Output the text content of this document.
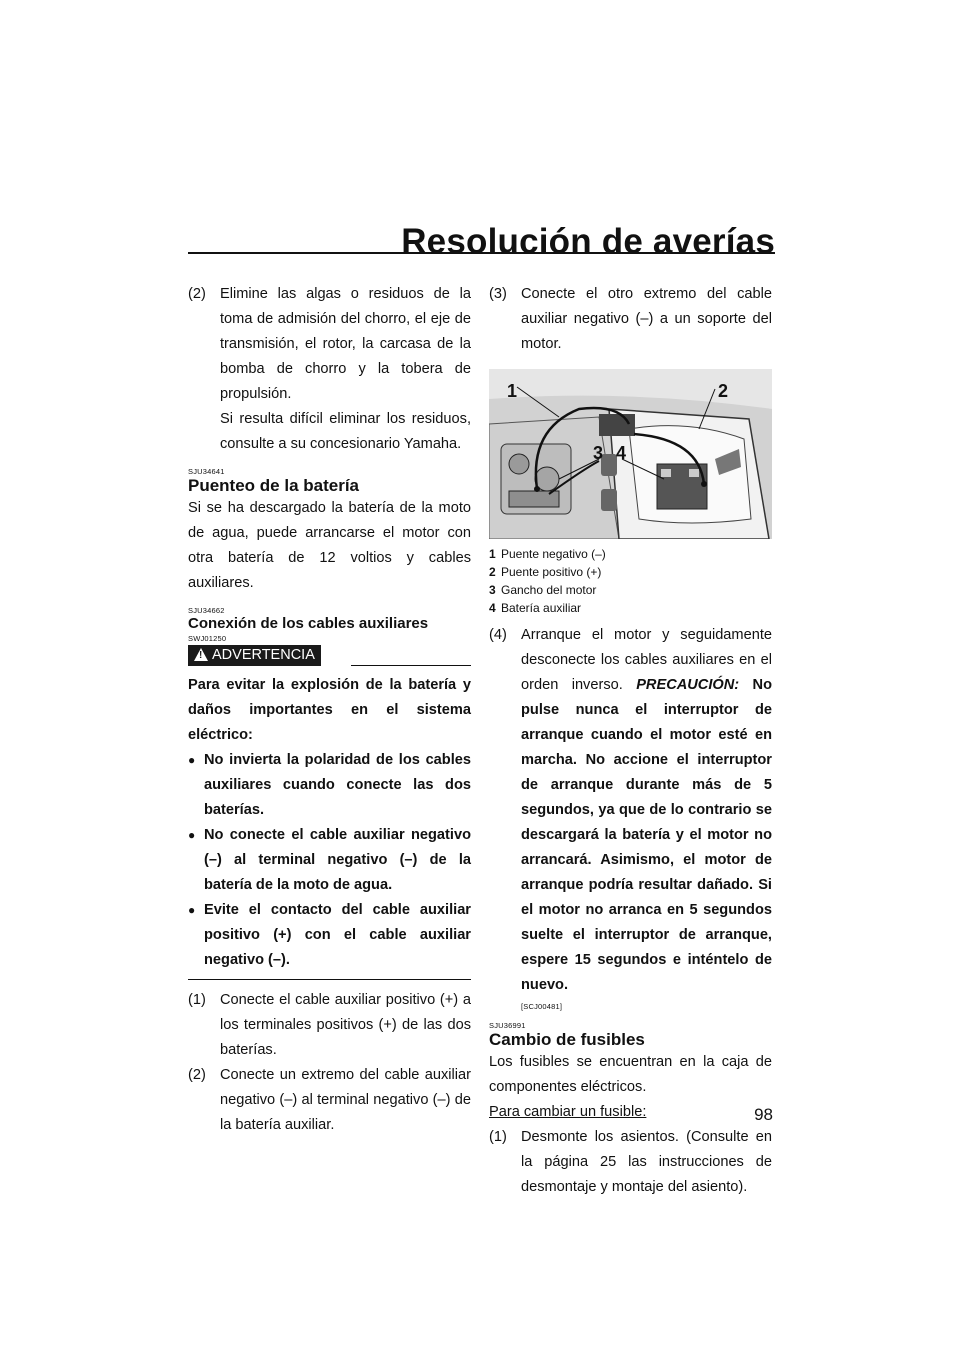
Resolución de averías

(2) Elimine las algas o residuos de la toma de admisión del chorro, el eje de transmisión, el rotor, la carcasa de la bomba de chorro y la tobera de propulsión.

Si resulta difícil eliminar los residuos, consulte a su concesionario Yamaha.

SJU34641
Puenteo de la batería

Si se ha descargado la batería de la moto de agua, puede arrancarse el motor con otra batería de 12 voltios y cables auxiliares.

SJU34662
Conexión de los cables auxiliares
SWJ01250
! ADVERTENCIA

Para evitar la explosión de la batería y daños importantes en el sistema eléctrico:

● No invierta la polaridad de los cables auxiliares cuando conecte las dos baterías.

● No conecte el cable auxiliar negativo (–) al terminal negativo (–) de la batería de la moto de agua.

● Evite el contacto del cable auxiliar positivo (+) con el cable auxiliar negativo (–).

(1) Conecte el cable auxiliar positivo (+) a los terminales positivos (+) de las dos baterías.

(2) Conecte un extremo del cable auxiliar negativo (–) al terminal negativo (–) de la batería auxiliar.

(3) Conecte el otro extremo del cable auxiliar negativo (–) a un soporte del motor.

1	2
3 4
1 Puente negativo (–)
2 Puente positivo (+)
3 Gancho del motor
4 Batería auxiliar

(4) Arranque el motor y seguidamente desconecte los cables auxiliares en el orden inverso. PRECAUCIÓN: No pulse nunca el interruptor de arranque cuando el motor esté en marcha. No accione el interruptor de arranque durante más de 5 segundos, ya que de lo contrario se descargará la batería y el motor no arrancará. Asimismo, el motor de arranque podría resultar dañado. Si el motor no arranca en 5 segundos suelte el interruptor de arranque, espere 15 segundos e inténtelo de nuevo.

[SCJ00481]
SJU36991
Cambio de fusibles

Los fusibles se encuentran en la caja de componentes eléctricos.

Para cambiar un fusible:

(1) Desmonte los asientos. (Consulte en la página 25 las instrucciones de desmontaje y montaje del asiento).

98
